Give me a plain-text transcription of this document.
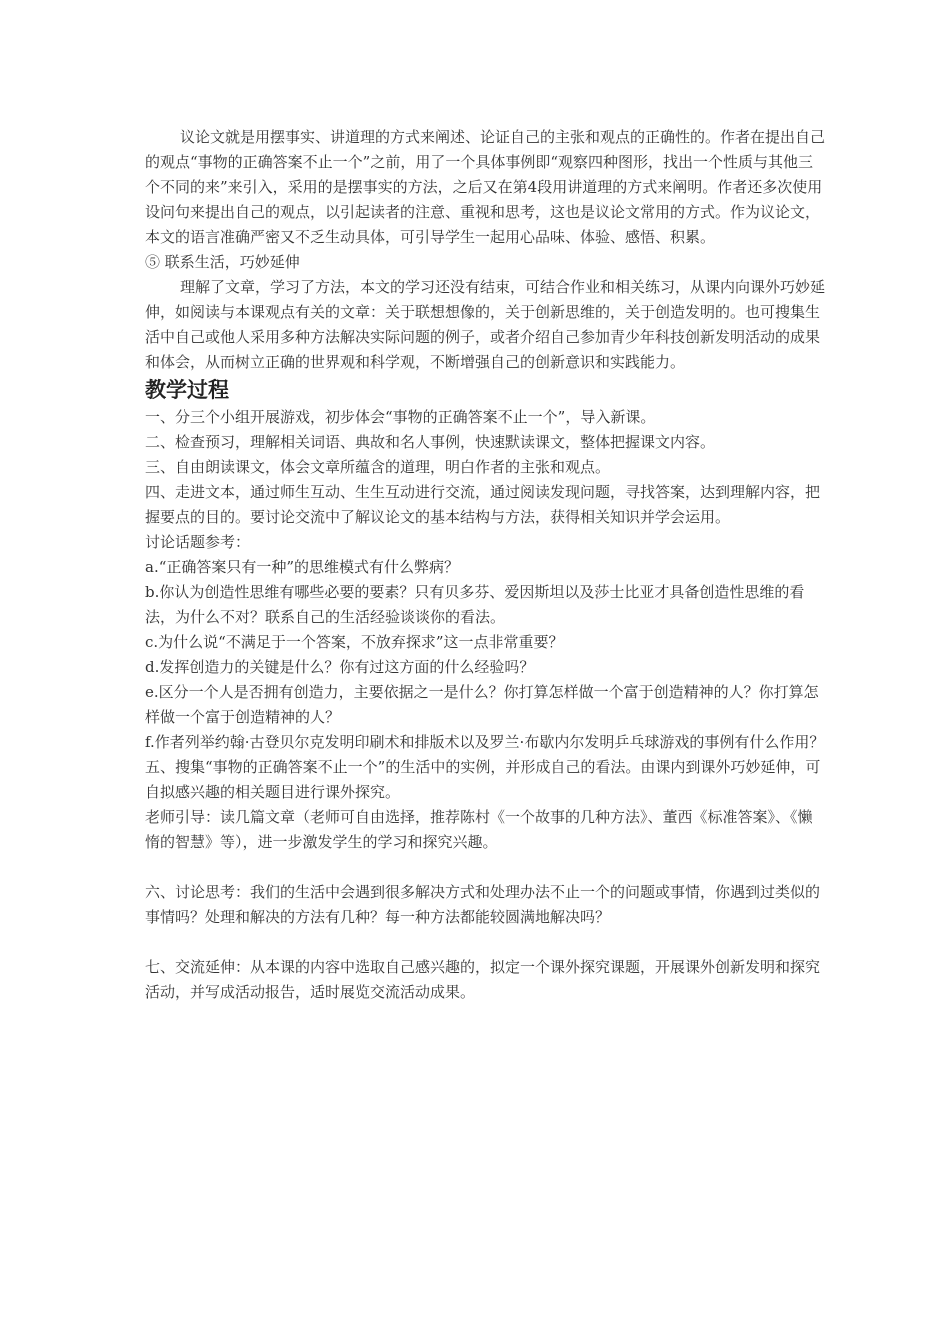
议论文就是用摆事实、讲道理的方式来阐述、论证自己的主张和观点的正确性的。作者在提出自己的观点“事物的正确答案不止一个”之前，用了一个具体事例即“观察四种图形，找出一个性质与其他三个不同的来”来引入，采用的是摆事实的方法，之后又在第4段用讲道理的方式来阐明。作者还多次使用设问句来提出自己的观点，以引起读者的注意、重视和思考，这也是议论文常用的方式。作为议论文，本文的语言准确严密又不乏生动具体，可引导学生一起用心品味、体验、感悟、积累。

⑤ 联系生活，巧妙延伸

理解了文章，学习了方法，本文的学习还没有结束，可结合作业和相关练习，从课内向课外巧妙延伸，如阅读与本课观点有关的文章：关于联想想像的，关于创新思维的，关于创造发明的。也可搜集生活中自己或他人采用多种方法解决实际问题的例子，或者介绍自己参加青少年科技创新发明活动的成果和体会，从而树立正确的世界观和科学观，不断增强自己的创新意识和实践能力。

教学过程

一、分三个小组开展游戏，初步体会“事物的正确答案不止一个”，导入新课。

二、检查预习，理解相关词语、典故和名人事例，快速默读课文，整体把握课文内容。

三、自由朗读课文，体会文章所蕴含的道理，明白作者的主张和观点。

四、走进文本，通过师生互动、生生互动进行交流，通过阅读发现问题，寻找答案，达到理解内容，把握要点的目的。要讨论交流中了解议论文的基本结构与方法，获得相关知识并学会运用。

讨论话题参考：

a.“正确答案只有一种”的思维模式有什么弊病？

b.你认为创造性思维有哪些必要的要素？只有贝多芬、爱因斯坦以及莎士比亚才具备创造性思维的看法，为什么不对？联系自己的生活经验谈谈你的看法。

c.为什么说“不满足于一个答案，不放弃探求”这一点非常重要？

d.发挥创造力的关键是什么？你有过这方面的什么经验吗？

e.区分一个人是否拥有创造力，主要依据之一是什么？你打算怎样做一个富于创造精神的人？你打算怎样做一个富于创造精神的人？

f.作者列举约翰·古登贝尔克发明印刷术和排版术以及罗兰·布歇内尔发明乒乓球游戏的事例有什么作用？

五、搜集“事物的正确答案不止一个”的生活中的实例，并形成自己的看法。由课内到课外巧妙延伸，可自拟感兴趣的相关题目进行课外探究。

老师引导：读几篇文章（老师可自由选择，推荐陈村《一个故事的几种方法》、董西《标准答案》、《懒惰的智慧》等），进一步激发学生的学习和探究兴趣。

六、讨论思考：我们的生活中会遇到很多解决方式和处理办法不止一个的问题或事情，你遇到过类似的事情吗？处理和解决的方法有几种？每一种方法都能较圆满地解决吗？

七、交流延伸：从本课的内容中选取自己感兴趣的，拟定一个课外探究课题，开展课外创新发明和探究活动，并写成活动报告，适时展览交流活动成果。
